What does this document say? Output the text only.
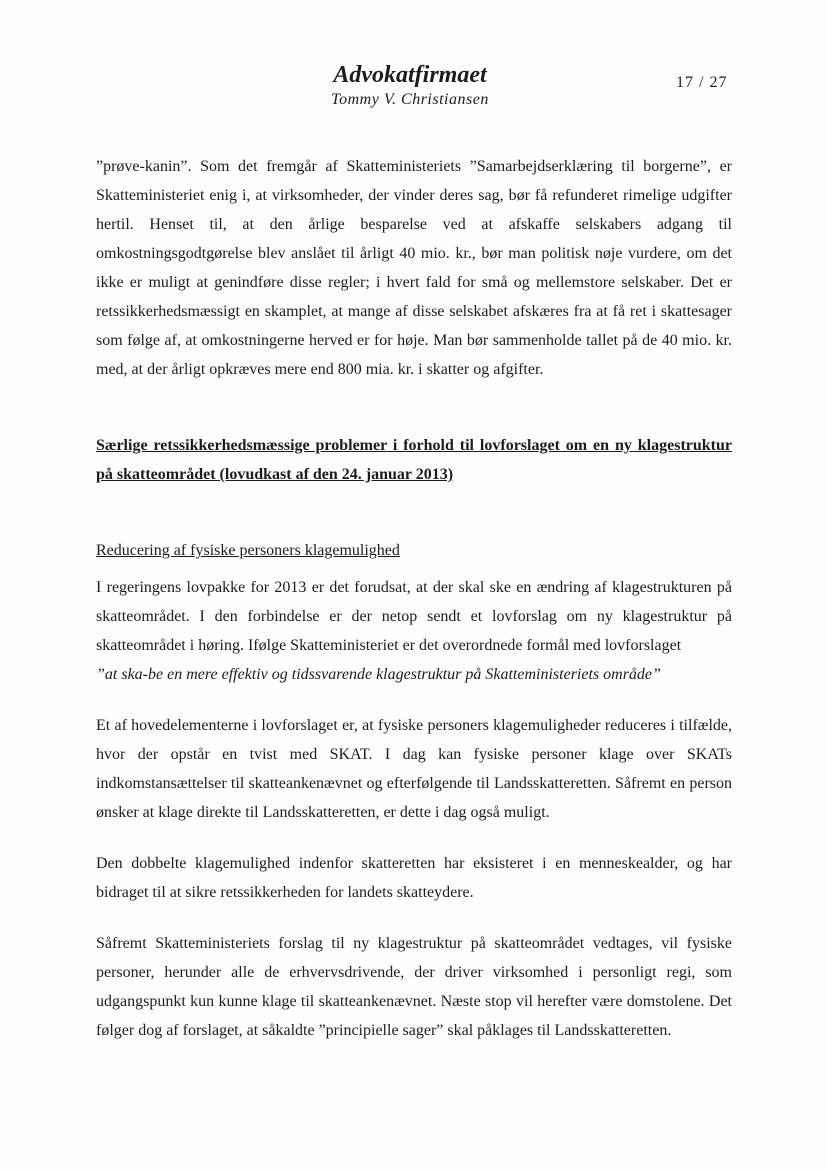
Advokatfirmaet
Tommy V. Christiansen
17 / 27

”prøve-kanin”. Som det fremgår af Skatteministeriets ”Samarbejdserklæring til borgerne”, er Skatteministeriet enig i, at virksomheder, der vinder deres sag, bør få refunderet rimelige udgifter hertil. Henset til, at den årlige besparelse ved at afskaffe selskabers adgang til omkostningsgodtgørelse blev anslået til årligt 40 mio. kr., bør man politisk nøje vurdere, om det ikke er muligt at genindføre disse regler; i hvert fald for små og mellemstore selskaber. Det er retssikkerhedsmæssigt en skamplet, at mange af disse selskabet afskæres fra at få ret i skattesager som følge af, at omkostningerne herved er for høje. Man bør sammenholde tallet på de 40 mio. kr. med, at der årligt opkræves mere end 800 mia. kr. i skatter og afgifter.

Særlige retssikkerhedsmæssige problemer i forhold til lovforslaget om en ny klagestruktur på skatteområdet (lovudkast af den 24. januar 2013)

Reducering af fysiske personers klagemulighed

I regeringens lovpakke for 2013 er det forudsat, at der skal ske en ændring af klagestrukturen på skatteområdet. I den forbindelse er der netop sendt et lovforslag om ny klagestruktur på skatteområdet i høring. Ifølge Skatteministeriet er det overordnede formål med lovforslaget

”at ska-be en mere effektiv og tidssvarende klagestruktur på Skatteministeriets område”

Et af hovedelementerne i lovforslaget er, at fysiske personers klagemuligheder reduceres i tilfælde, hvor der opstår en tvist med SKAT. I dag kan fysiske personer klage over SKATs indkomstansættelser til skatteankenævnet og efterfølgende til Landsskatteretten. Såfremt en person ønsker at klage direkte til Landsskatteretten, er dette i dag også muligt.

Den dobbelte klagemulighed indenfor skatteretten har eksisteret i en menneskealder, og har bidraget til at sikre retssikkerheden for landets skatteydere.

Såfremt Skatteministeriets forslag til ny klagestruktur på skatteområdet vedtages, vil fysiske personer, herunder alle de erhvervsdrivende, der driver virksomhed i personligt regi, som udgangspunkt kun kunne klage til skatteankenævnet. Næste stop vil herefter være domstolene. Det følger dog af forslaget, at såkaldte ”principielle sager” skal påklages til Landsskatteretten.
